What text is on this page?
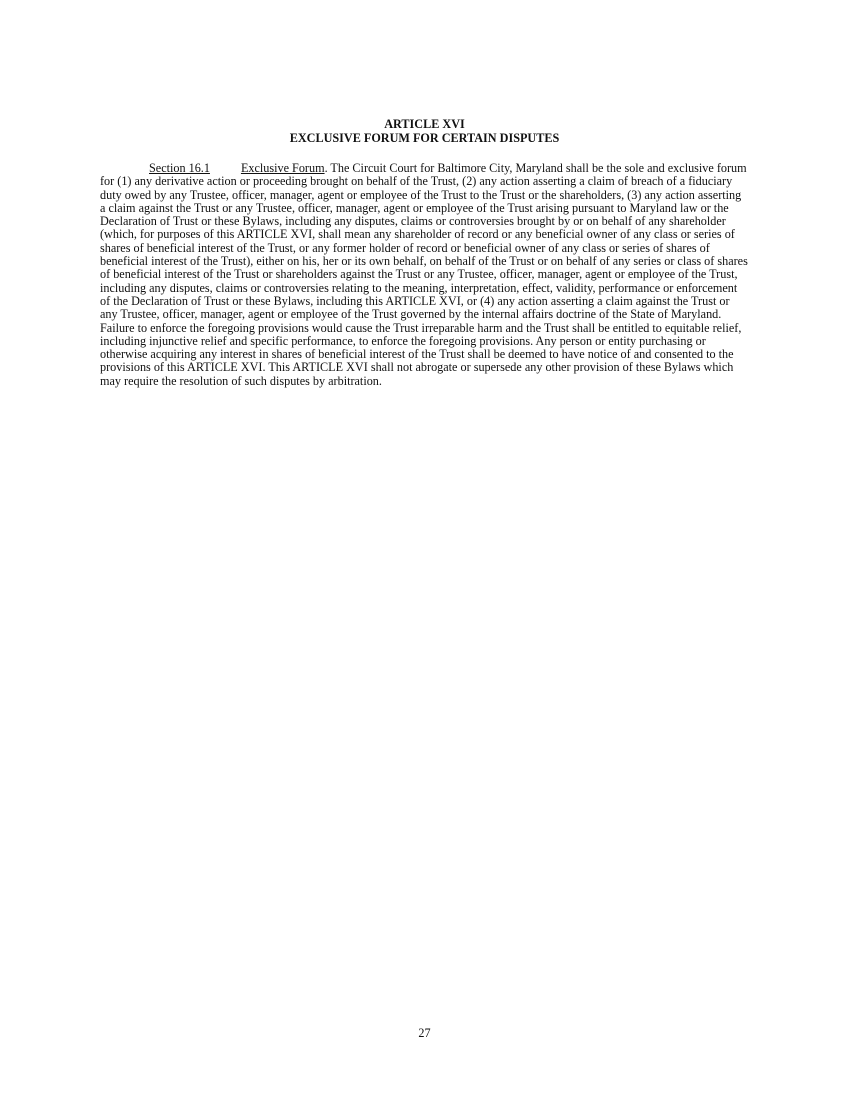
ARTICLE XVI
EXCLUSIVE FORUM FOR CERTAIN DISPUTES
Section 16.1	Exclusive Forum. The Circuit Court for Baltimore City, Maryland shall be the sole and exclusive forum for (1) any derivative action or proceeding brought on behalf of the Trust, (2) any action asserting a claim of breach of a fiduciary duty owed by any Trustee, officer, manager, agent or employee of the Trust to the Trust or the shareholders, (3) any action asserting a claim against the Trust or any Trustee, officer, manager, agent or employee of the Trust arising pursuant to Maryland law or the Declaration of Trust or these Bylaws, including any disputes, claims or controversies brought by or on behalf of any shareholder (which, for purposes of this ARTICLE XVI, shall mean any shareholder of record or any beneficial owner of any class or series of shares of beneficial interest of the Trust, or any former holder of record or beneficial owner of any class or series of shares of beneficial interest of the Trust), either on his, her or its own behalf, on behalf of the Trust or on behalf of any series or class of shares of beneficial interest of the Trust or shareholders against the Trust or any Trustee, officer, manager, agent or employee of the Trust, including any disputes, claims or controversies relating to the meaning, interpretation, effect, validity, performance or enforcement of the Declaration of Trust or these Bylaws, including this ARTICLE XVI, or (4) any action asserting a claim against the Trust or any Trustee, officer, manager, agent or employee of the Trust governed by the internal affairs doctrine of the State of Maryland. Failure to enforce the foregoing provisions would cause the Trust irreparable harm and the Trust shall be entitled to equitable relief, including injunctive relief and specific performance, to enforce the foregoing provisions. Any person or entity purchasing or otherwise acquiring any interest in shares of beneficial interest of the Trust shall be deemed to have notice of and consented to the provisions of this ARTICLE XVI. This ARTICLE XVI shall not abrogate or supersede any other provision of these Bylaws which may require the resolution of such disputes by arbitration.
27
